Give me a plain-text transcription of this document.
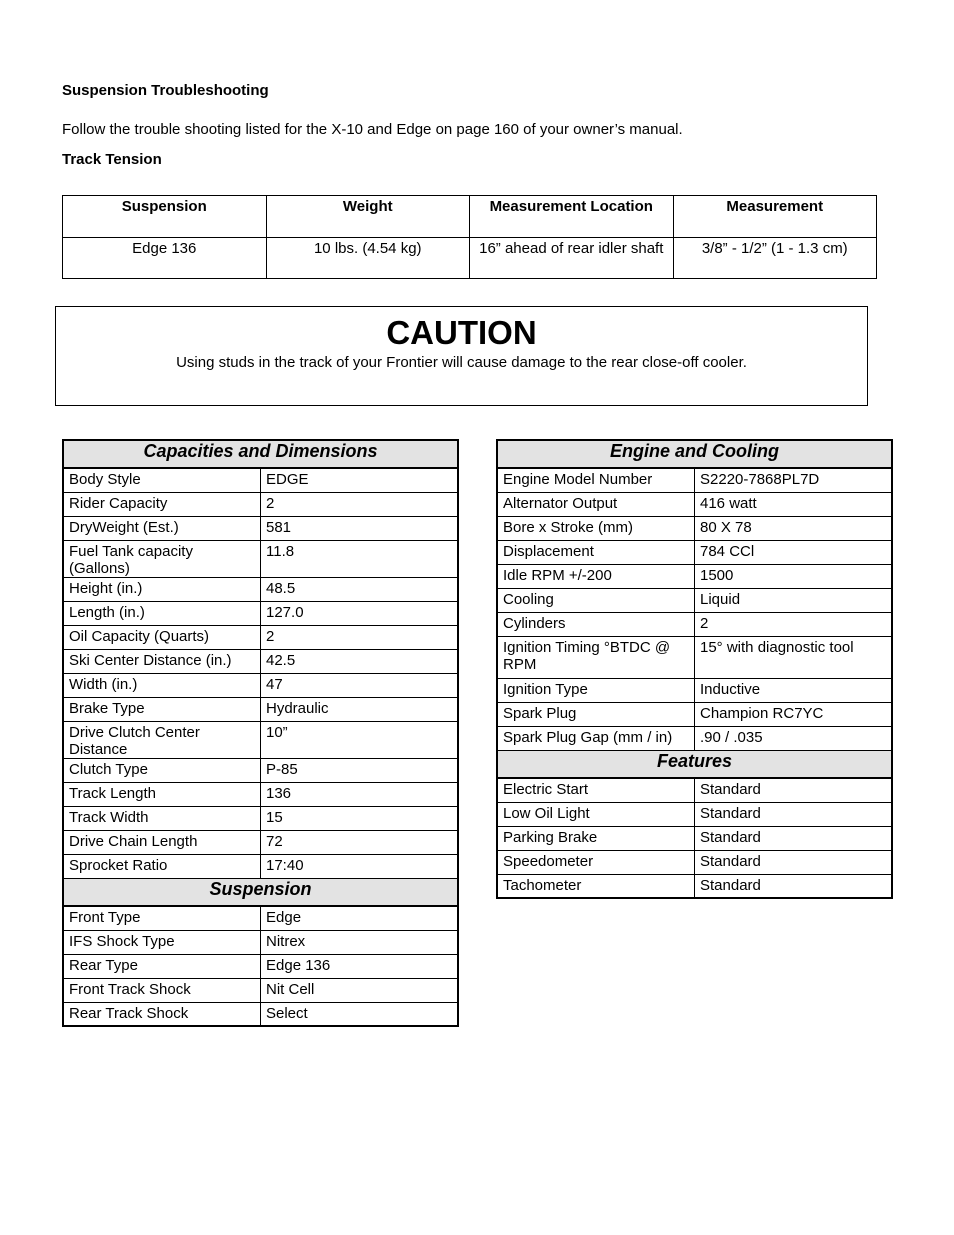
Suspension Troubleshooting
Follow the trouble shooting listed for the X-10 and Edge on page 160 of your owner’s manual.
Track Tension
Suspension	Weight	Measurement Location	Measurement
Edge 136	10 lbs. (4.54 kg)	16” ahead of rear idler shaft	3/8” - 1/2” (1 - 1.3 cm)
CAUTION
Using studs in the track of your Frontier will cause damage to the rear close-off cooler.
Capacities and Dimensions	
Body Style	EDGE
Rider Capacity	2
DryWeight (Est.)	581
Fuel Tank capacity (Gallons)	11.8
Height (in.)	48.5
Length (in.)	127.0
Oil Capacity (Quarts)	2
Ski Center Distance (in.)	42.5
Width (in.)	47
Brake Type	Hydraulic
Drive Clutch Center Distance	10”
Clutch Type	P-85
Track Length	136
Track Width	15
Drive Chain Length	72
Sprocket Ratio	17:40
Suspension	
Front Type	Edge
IFS Shock Type	Nitrex
Rear Type	Edge 136
Front Track Shock	Nit Cell
Rear Track Shock	Select
Engine and Cooling	
Engine Model Number	S2220-7868PL7D
Alternator Output	416 watt
Bore x Stroke (mm)	80 X 78
Displacement	784 CCl
Idle RPM +/-200	1500
Cooling	Liquid
Cylinders	2
Ignition Timing °BTDC @ RPM	15° with diagnostic tool
Ignition Type	Inductive
Spark Plug	Champion RC7YC
Spark Plug Gap (mm / in)	.90 / .035
Features	
Electric Start	Standard
Low Oil Light	Standard
Parking Brake	Standard
Speedometer	Standard
Tachometer	Standard
